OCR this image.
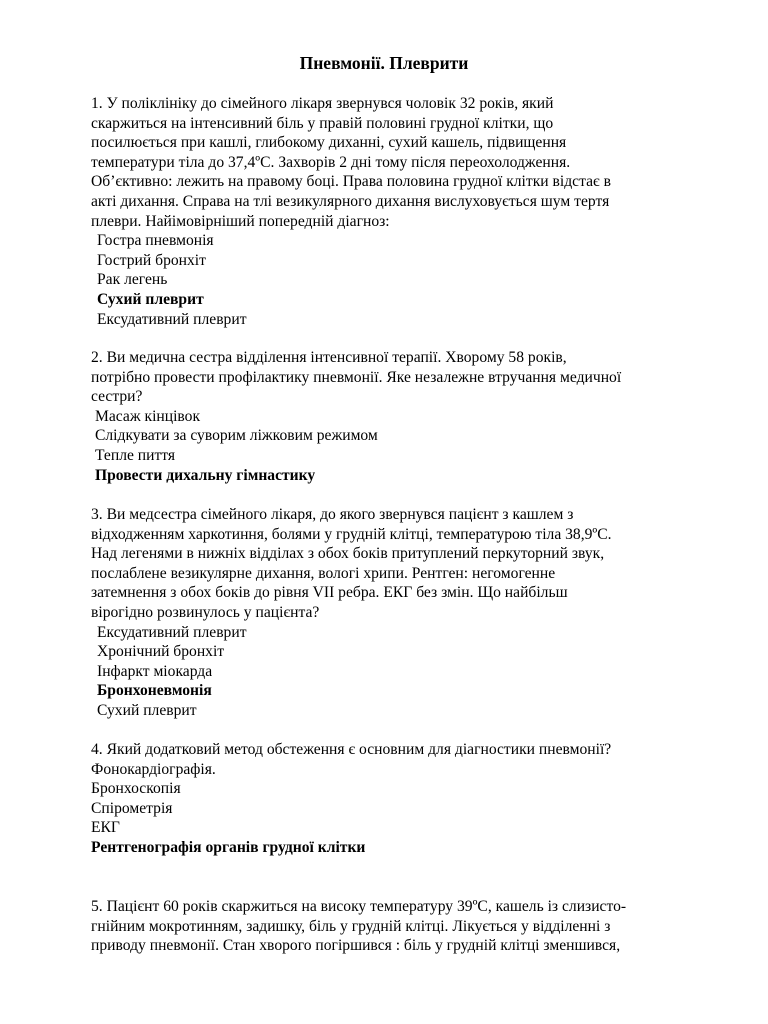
Пневмонії. Плеврити

1. У поліклініку до сімейного лікаря звернувся чоловік 32 років, який
скаржиться на інтенсивний біль у правій половині грудної клітки, що
посилюється при кашлі, глибокому диханні, сухий кашель, підвищення
температури тіла до 37,4ºС. Захворів 2 дні тому після переохолодження.
Об’єктивно: лежить на правому боці. Права половина грудної клітки відстає в
акті дихання. Справа на тлі везикулярного дихання вислуховується шум тертя
плеври. Найімовірніший попередній діагноз:

Гостра пневмонія

Гострий бронхіт

Рак легень

Сухий плеврит

Ексудативний плеврит

2. Ви медична сестра відділення інтенсивної терапії. Хворому 58 років,
потрібно провести профілактику пневмонії. Яке незалежне втручання медичної
сестри?

Масаж кінцівок

Слідкувати за суворим ліжковим режимом

Тепле пиття

Провести дихальну гімнастику

3. Ви медсестра сімейного лікаря, до якого звернувся пацієнт з кашлем з
відходженням харкотиння, болями у грудній клітці, температурою тіла 38,9ºС.
Над легенями в нижніх відділах з обох боків притуплений перкуторний звук,
послаблене везикулярне дихання, вологі хрипи. Рентген: негомогенне
затемнення з обох боків до рівня VII ребра. ЕКГ без змін. Що найбільш
вірогідно розвинулось у пацієнта?

Ексудативний плеврит

Хронічний бронхіт

Інфаркт міокарда

Бронхоневмонія

Сухий плеврит

4. Який додатковий метод обстеження є основним для діагностики пневмонії?

Фонокардіографія.

Бронхоскопія

Спірометрія

ЕКГ

Рентгенографія органів грудної клітки

5. Пацієнт 60 років скаржиться на високу температуру 39ºС, кашель із слизисто-
гнійним мокротинням, задишку, біль у грудній клітці. Лікується у відділенні з
приводу пневмонії. Стан хворого погіршився : біль у грудній клітці зменшився,
